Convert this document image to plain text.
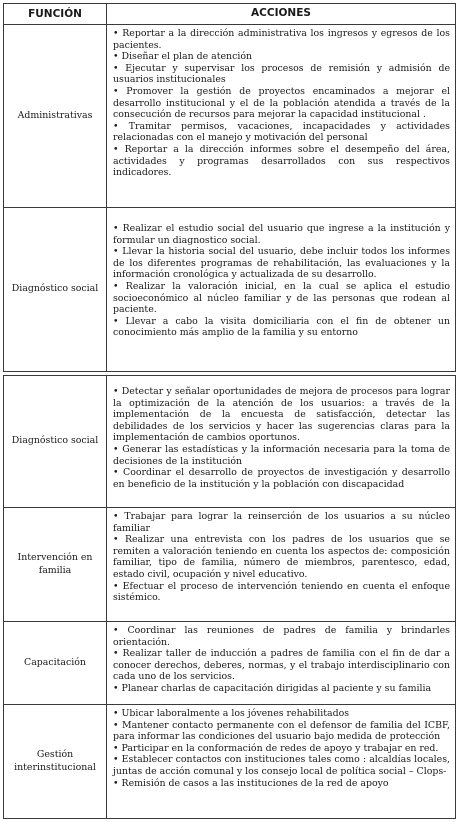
FUNCIÓN	ACCIONES
Administrativas

• Reportar a la dirección administrativa los ingresos y egresos de los pacientes.

• Diseñar el plan de atención

• Ejecutar y supervisar los procesos de remisión y admisión de usuarios institucionales

• Promover la gestión de proyectos encaminados a mejorar el desarrollo institucional y el de la población atendida a través de la consecución de recursos para mejorar la capacidad institucional .

• Tramitar permisos, vacaciones, incapacidades y actividades relacionadas con el manejo y motivación del personal

• Reportar a la dirección informes sobre el desempeño del área, actividades y programas desarrollados con sus respectivos indicadores.

Diagnóstico social

• Realizar el estudio social del usuario que ingrese a la institución y formular un diagnostico social.

• Llevar la historia social del usuario, debe incluir todos los informes de los diferentes programas de rehabilitación, las evaluaciones y la información cronológica y actualizada de su desarrollo.

• Realizar la valoración inicial, en la cual se aplica el estudio socioeconómico al núcleo familiar y de las personas que rodean al paciente.

• Llevar a cabo la visita domiciliaria con el fin de obtener un conocimiento más amplio de la familia y su entorno

Diagnóstico social

• Detectar y señalar oportunidades de mejora de procesos para lograr la optimización de la atención de los usuarios: a través de la implementación de la encuesta de satisfacción, detectar las debilidades de los servicios y hacer las sugerencias claras para la implementación de cambios oportunos.

• Generar las estadísticas y la información necesaria para la toma de decisiones de la institución

• Coordinar el desarrollo de proyectos de investigación y desarrollo en beneficio de la institución y la población con discapacidad

Intervención en familia

• Trabajar para lograr la reinserción de los usuarios a su núcleo familiar

• Realizar una entrevista con los padres de los usuarios que se remiten a valoración teniendo en cuenta los aspectos de: composición familiar, tipo de familia, número de miembros, parentesco, edad, estado civil, ocupación y nivel educativo.

• Efectuar el proceso de intervención teniendo en cuenta el enfoque sistémico.

Capacitación

• Coordinar las reuniones de padres de familia y brindarles orientación.

• Realizar taller de inducción a padres de familia con el fin de dar a conocer derechos, deberes, normas, y el trabajo interdisciplinario con cada uno de los servicios.

• Planear charlas de capacitación dirigidas al paciente y su familia

Gestión interinstitucional

• Ubicar laboralmente a los jóvenes rehabilitados

• Mantener contacto permanente con el defensor de familia del ICBF, para informar las condiciones del usuario bajo medida de protección

• Participar en la conformación de redes de apoyo y trabajar en red.

• Establecer contactos con instituciones tales como : alcaldías locales, juntas de acción comunal y los consejo local de política social – Clops-

• Remisión de casos a las instituciones de la red de apoyo
